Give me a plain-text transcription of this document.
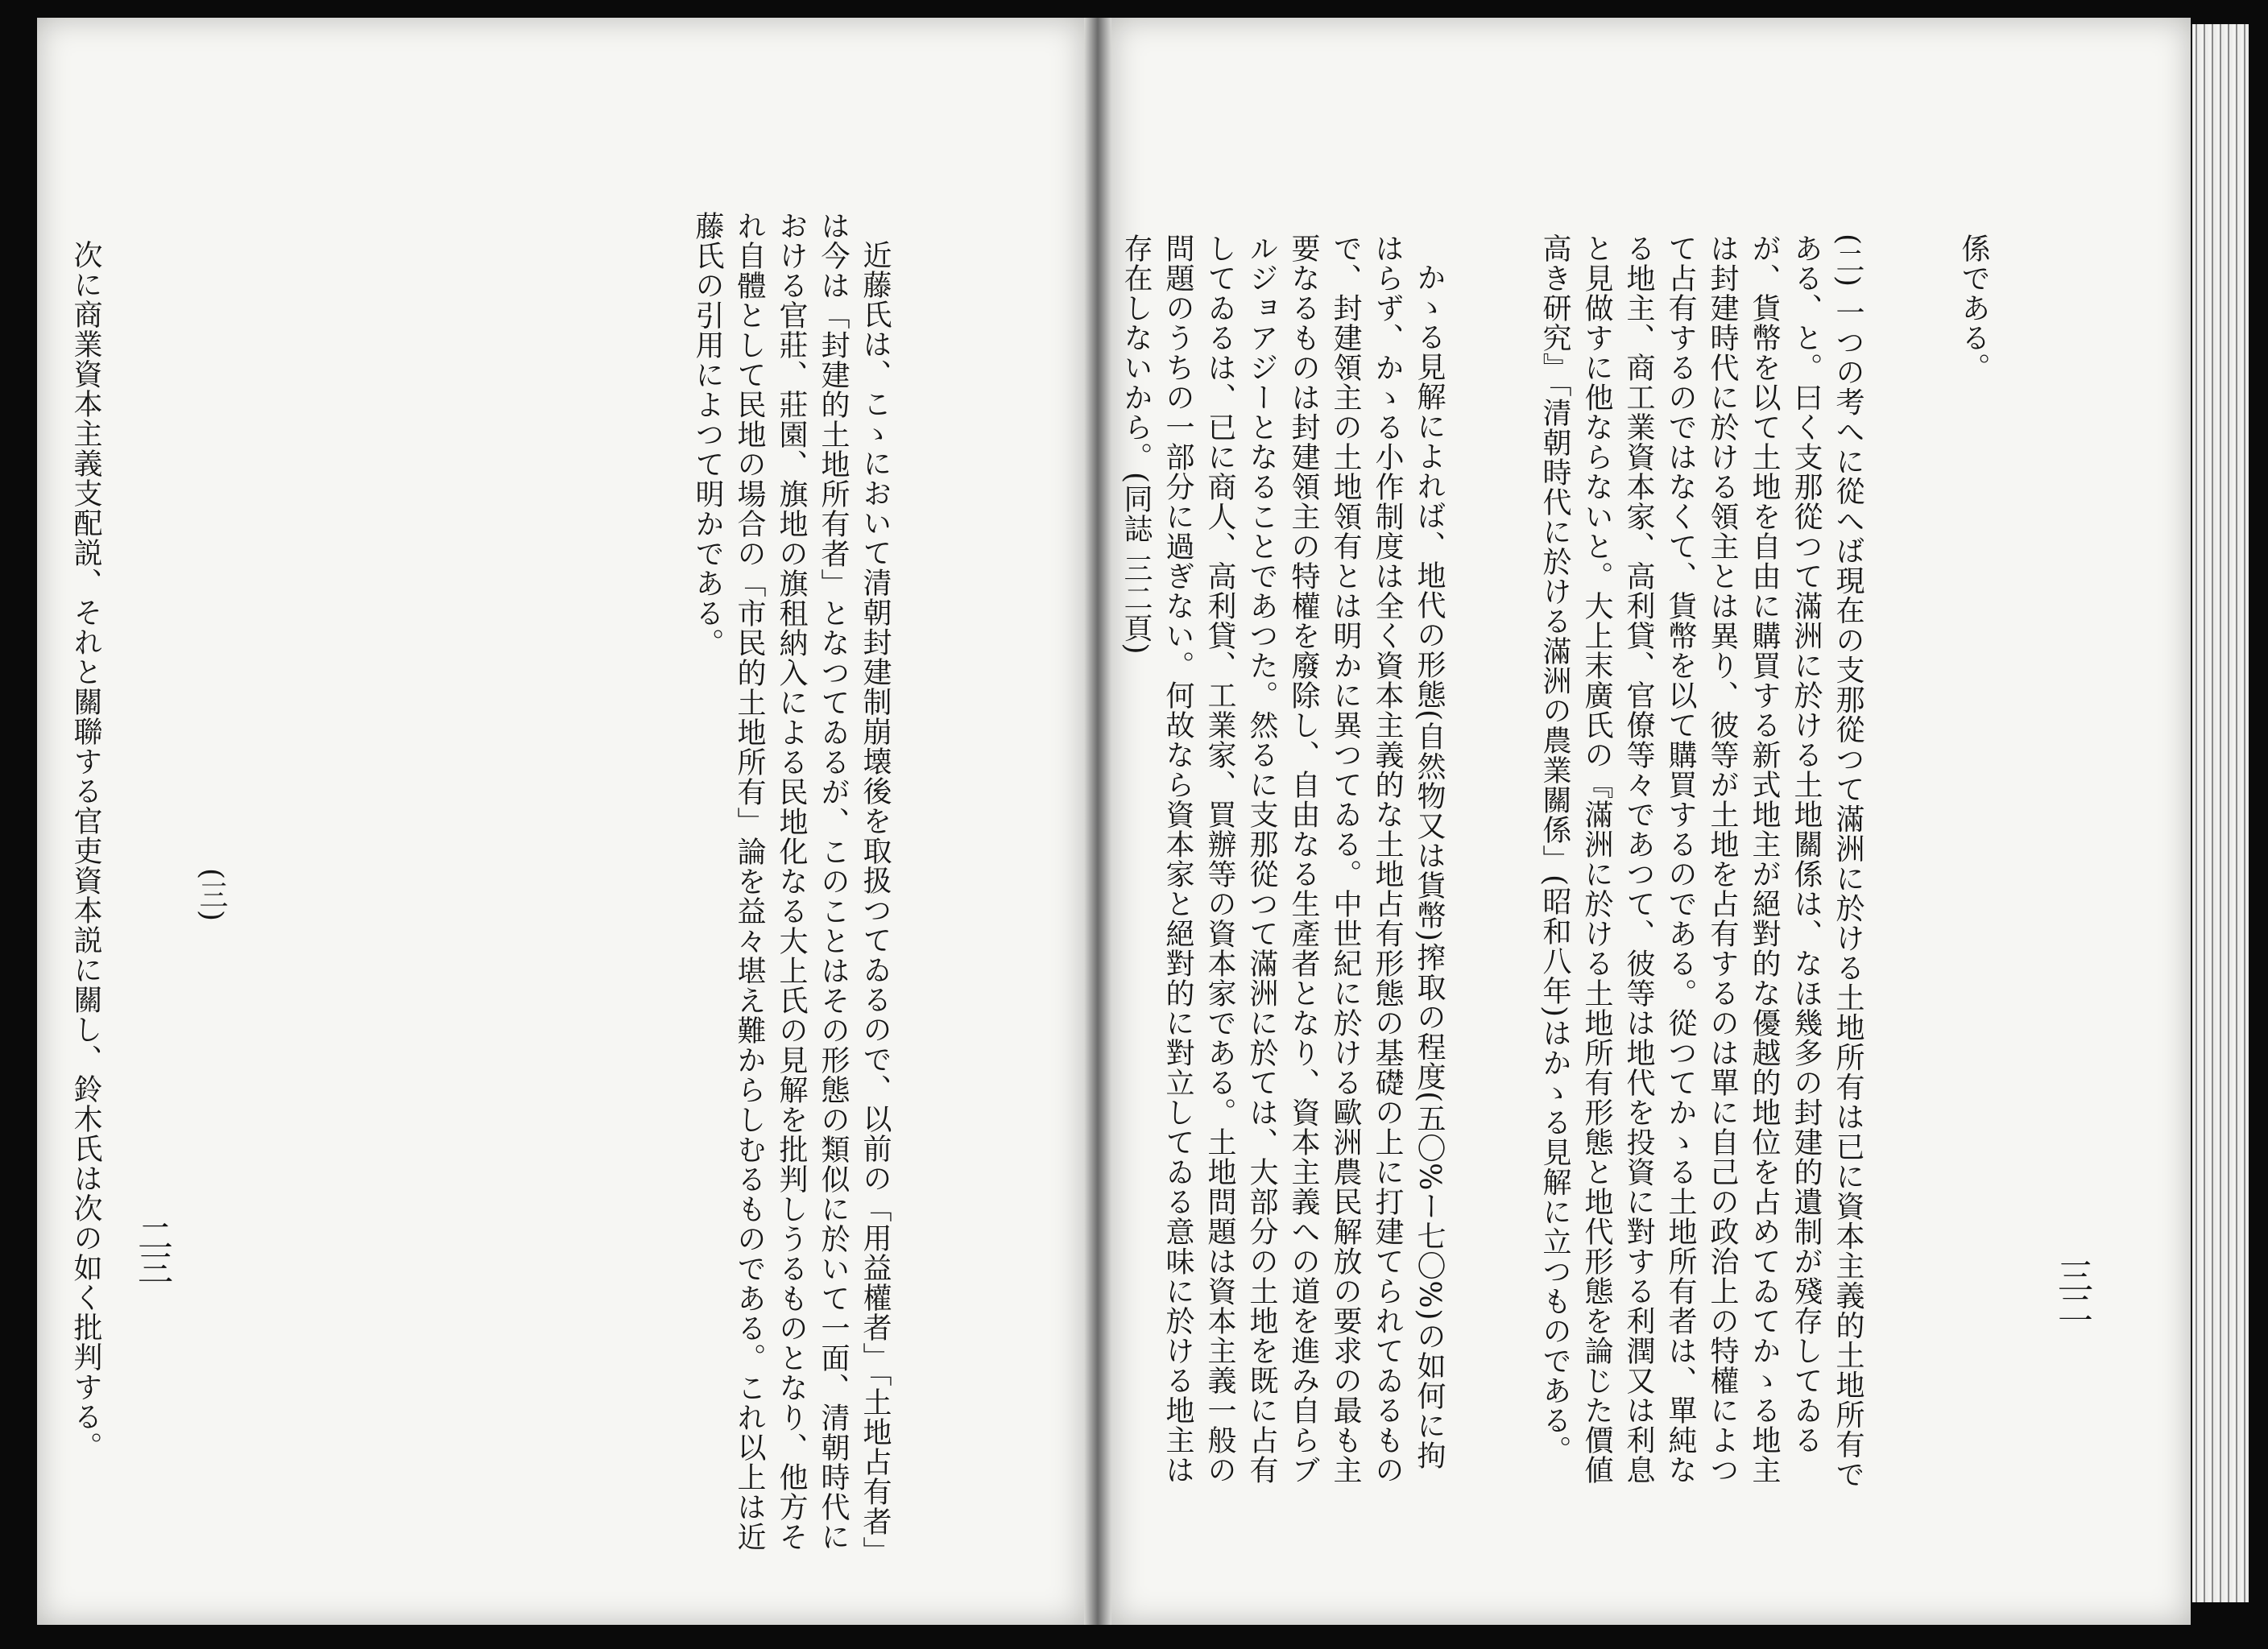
近藤氏は、こゝにおいて清朝封建制崩壊後を取扱つてゐるので、以前の「用益權者」「土地占有者」は今は「封建的土地所有者」となつてゐるが、このことはその形態の類似に於いて一面、清朝時代における官莊、莊園、旗地の旗租納入による民地化なる大上氏の見解を批判しうるものとなり、他方それ自體として民地の場合の「市民的土地所有」論を益々堪え難からしむるものである。これ以上は近藤氏の引用によつて明かである。

(三)

次に商業資本主義支配説、それと關聯する官吏資本説に關し、鈴木氏は次の如く批判する。

二三

係である。

(二) 一つの考へに從へば現在の支那從つて滿洲に於ける土地所有は已に資本主義的土地所有である、と。曰く支那從つて滿洲に於ける土地關係は、なほ幾多の封建的遺制が殘存してゐるが、貨幣を以て土地を自由に購買する新式地主が絕對的な優越的地位を占めてゐてかゝる地主は封建時代に於ける領主とは異り、彼等が土地を占有するのは單に自己の政治上の特權によつて占有するのではなくて、貨幣を以て購買するのである。從つてかゝる土地所有者は、單純なる地主、商工業資本家、高利貸、官僚等々であつて、彼等は地代を投資に對する利潤又は利息と見做すに他ならないと。大上末廣氏の『滿洲に於ける土地所有形態と地代形態を論じた價値高き研究』「清朝時代に於ける滿洲の農業關係」(昭和八年)はかゝる見解に立つものである。

かゝる見解によれば、地代の形態(自然物又は貨幣)搾取の程度(五〇%ー七〇%)の如何に拘はらず、かゝる小作制度は全く資本主義的な土地占有形態の基礎の上に打建てられてゐるもので、封建領主の土地領有とは明かに異つてゐる。中世紀に於ける歐洲農民解放の要求の最も主要なるものは封建領主の特權を廢除し、自由なる生產者となり、資本主義への道を進み自らブルジョアジーとなることであつた。然るに支那從つて滿洲に於ては、大部分の土地を既に占有してゐるは、已に商人、高利貸、工業家、買辦等の資本家である。土地問題は資本主義一般の問題のうちの一部分に過ぎない。何故なら資本家と絕對的に對立してゐる意味に於ける地主は存在しないから。(同誌 三二頁)

三二
